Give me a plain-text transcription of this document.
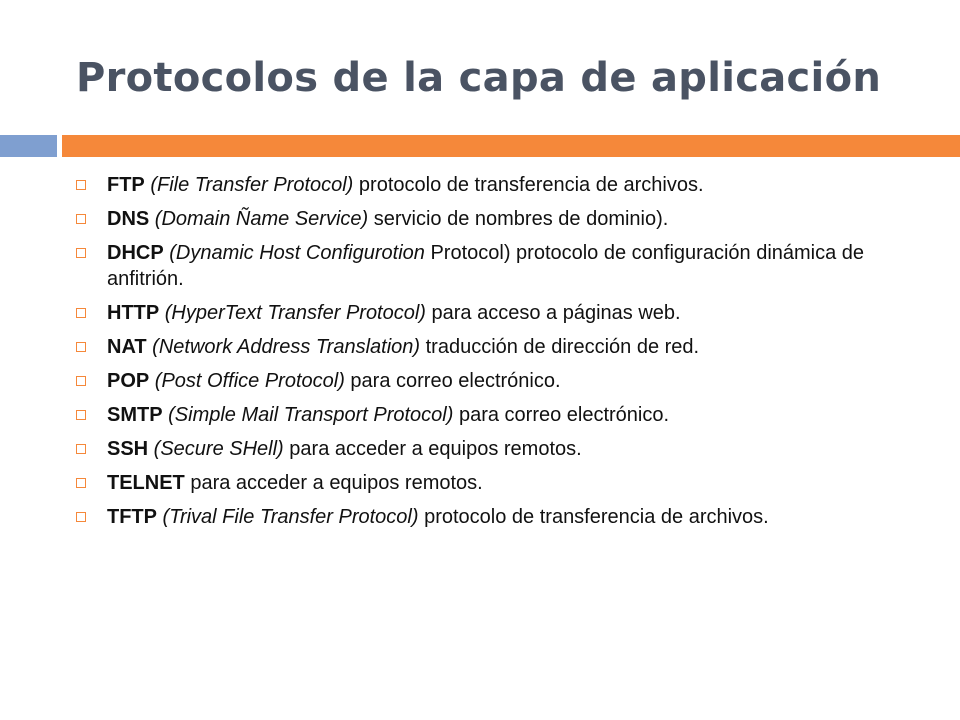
Protocolos de la capa de aplicación
FTP (File Transfer Protocol) protocolo de transferencia de archivos.
DNS (Domain Ñame Service) servicio de nombres de dominio).
DHCP (Dynamic Host Configurotion Protocol) protocolo de configuración dinámica de anfitrión.
HTTP (HyperText Transfer Protocol) para acceso a páginas web.
NAT (Network Address Translation) traducción de dirección de red.
POP (Post Office Protocol) para correo electrónico.
SMTP (Simple Mail Transport Protocol) para correo electrónico.
SSH (Secure SHell) para acceder a equipos remotos.
TELNET para acceder a equipos remotos.
TFTP (Trival File Transfer Protocol) protocolo de transferencia de archivos.
